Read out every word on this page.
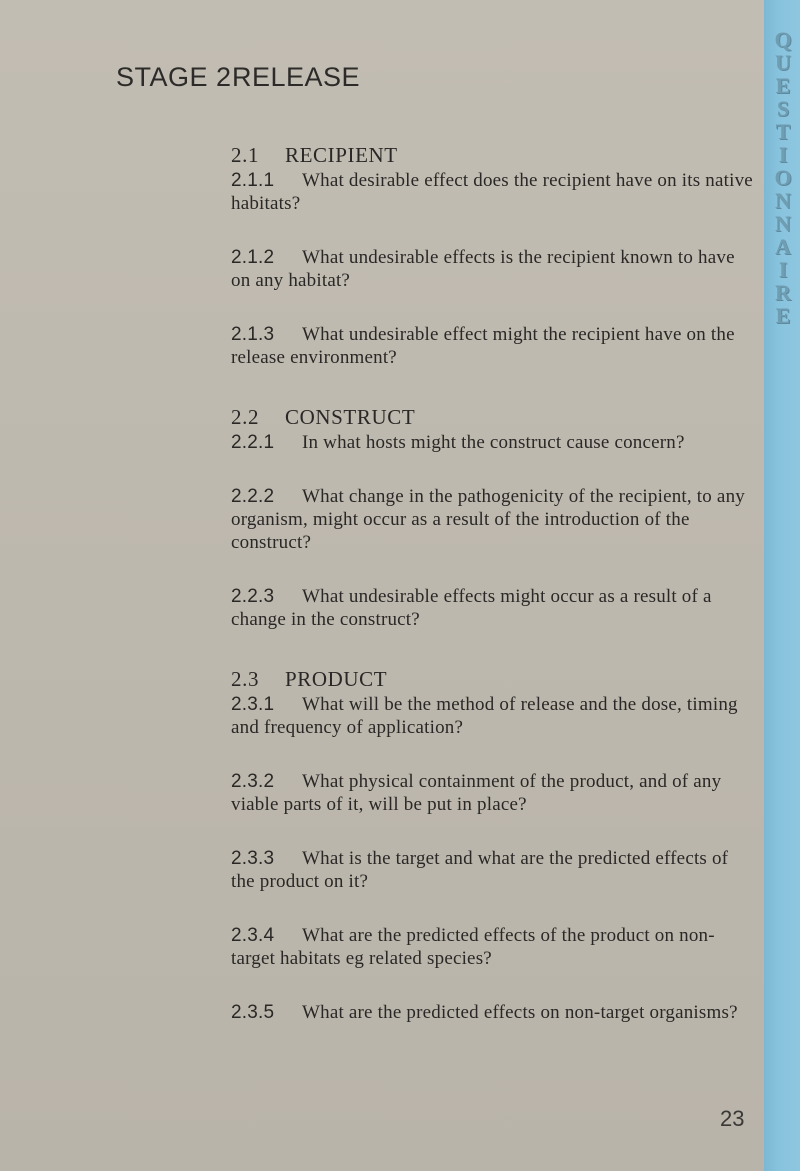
STAGE 2 RELEASE
2.1 RECIPIENT
2.1.1 What desirable effect does the recipient have on its native habitats?
2.1.2 What undesirable effects is the recipient known to have on any habitat?
2.1.3 What undesirable effect might the recipient have on the release environment?
2.2 CONSTRUCT
2.2.1 In what hosts might the construct cause concern?
2.2.2 What change in the pathogenicity of the recipient, to any organism, might occur as a result of the introduction of the construct?
2.2.3 What undesirable effects might occur as a result of a change in the construct?
2.3 PRODUCT
2.3.1 What will be the method of release and the dose, timing and frequency of application?
2.3.2 What physical containment of the product, and of any viable parts of it, will be put in place?
2.3.3 What is the target and what are the predicted effects of the product on it?
2.3.4 What are the predicted effects of the product on non-target habitats eg related species?
2.3.5 What are the predicted effects on non-target organisms?
23
Q
U
E
S
T
I
O
N
N
A
I
R
E
